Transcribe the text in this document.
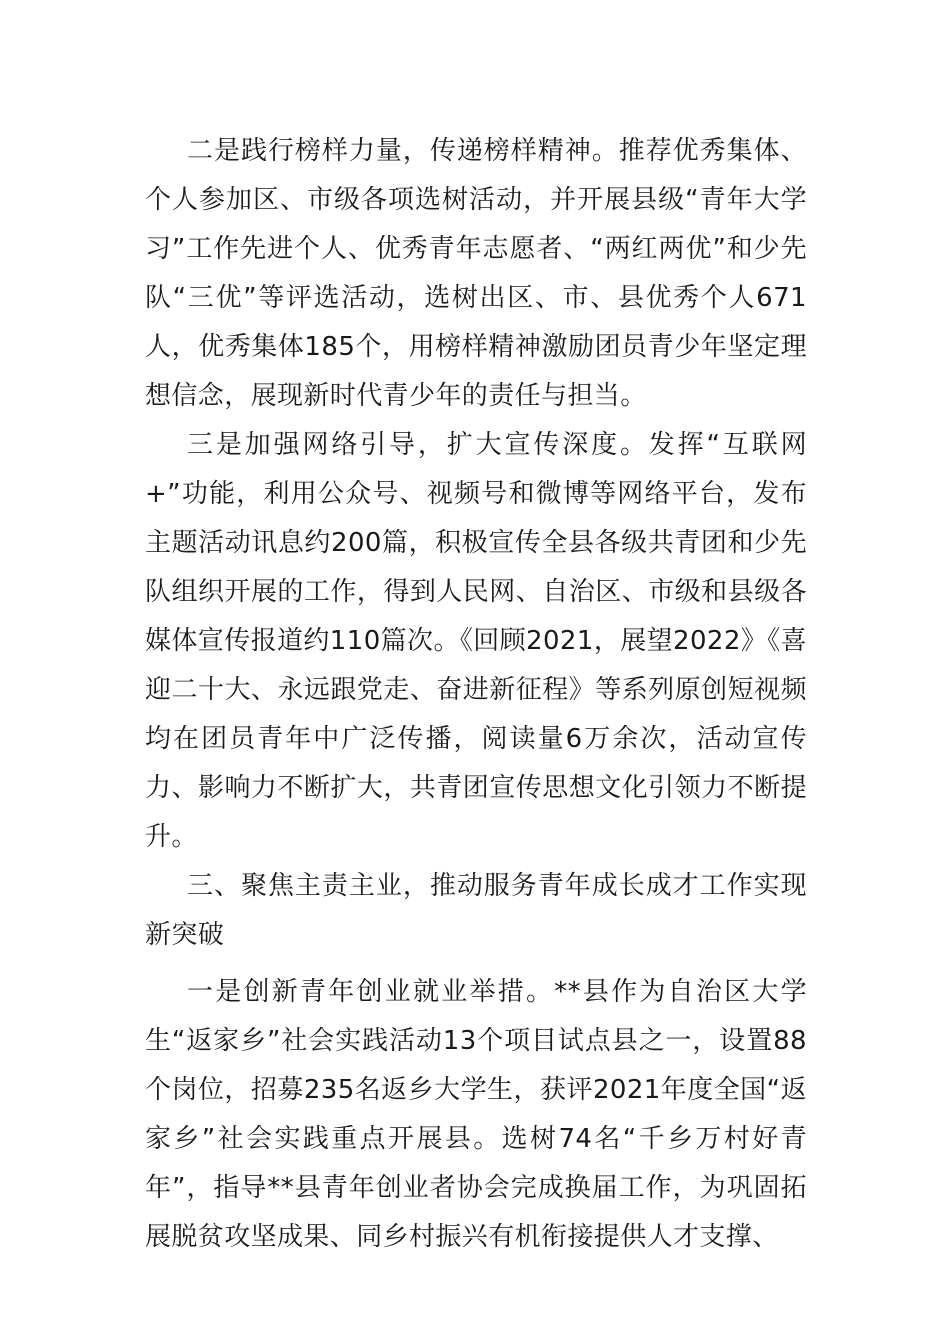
二是践行榜样力量，传递榜样精神。推荐优秀集体、个人参加区、市级各项选树活动，并开展县级“青年大学习”工作先进个人、优秀青年志愿者、“两红两优”和少先队“三优”等评选活动，选树出区、市、县优秀个人671人，优秀集体185个，用榜样精神激励团员青少年坚定理想信念，展现新时代青少年的责任与担当。

三是加强网络引导，扩大宣传深度。发挥“互联网+”功能，利用公众号、视频号和微博等网络平台，发布主题活动讯息约200篇，积极宣传全县各级共青团和少先队组织开展的工作，得到人民网、自治区、市级和县级各媒体宣传报道约110篇次。《回顾2021，展望2022》《喜迎二十大、永远跟党走、奋进新征程》等系列原创短视频均在团员青年中广泛传播，阅读量6万余次，活动宣传力、影响力不断扩大，共青团宣传思想文化引领力不断提升。

三、聚焦主责主业，推动服务青年成长成才工作实现新突破

一是创新青年创业就业举措。**县作为自治区大学生“返家乡”社会实践活动13个项目试点县之一，设置88个岗位，招募235名返乡大学生，获评2021年度全国“返家乡”社会实践重点开展县。选树74名“千乡万村好青年”，指导**县青年创业者协会完成换届工作，为巩固拓展脱贫攻坚成果、同乡村振兴有机衔接提供人才支撑、
